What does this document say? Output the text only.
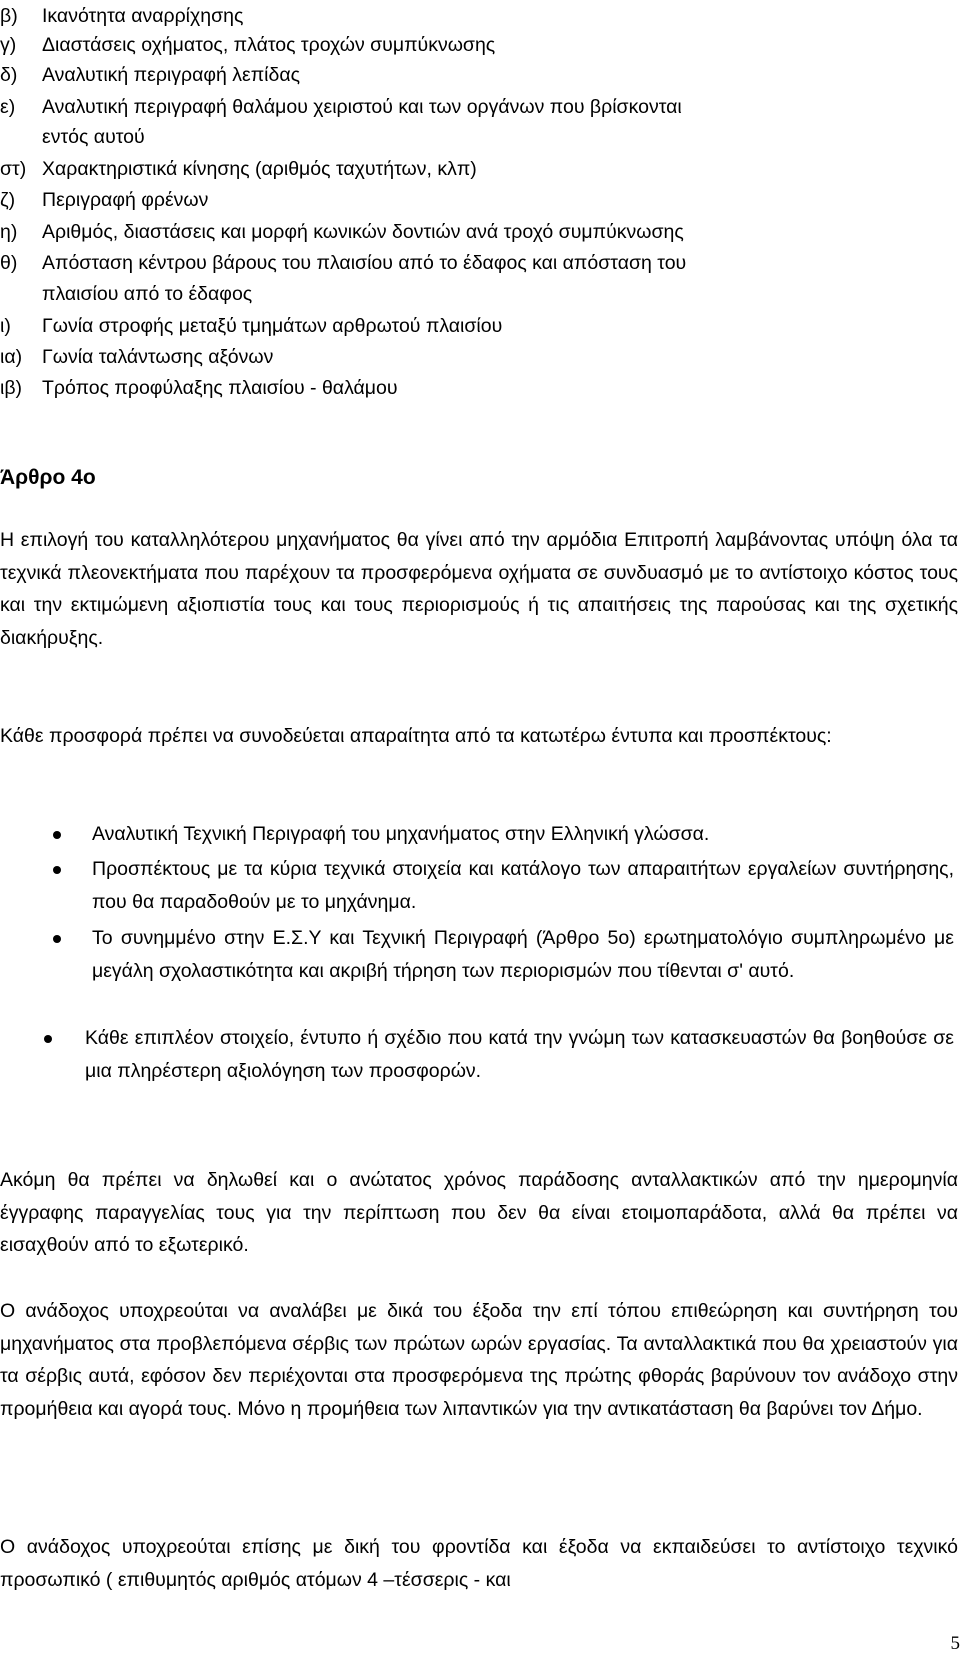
β) Ικανότητα αναρρίχησης
γ) Διαστάσεις οχήματος, πλάτος τροχών συμπύκνωσης
δ) Αναλυτική περιγραφή λεπίδας
ε) Αναλυτική περιγραφή θαλάμου χειριστού και των οργάνων που βρίσκονται
εντός αυτού
στ) Χαρακτηριστικά κίνησης (αριθμός ταχυτήτων, κλπ)
ζ) Περιγραφή φρένων
η) Αριθμός, διαστάσεις και μορφή κωνικών δοντιών ανά τροχό συμπύκνωσης
θ) Απόσταση κέντρου βάρους του πλαισίου από το έδαφος και απόσταση του
πλαισίου από το έδαφος
ι) Γωνία στροφής μεταξύ τμημάτων αρθρωτού πλαισίου
ια) Γωνία ταλάντωσης αξόνων
ιβ) Τρόπος προφύλαξης πλαισίου - θαλάμου
Άρθρο 4ο
Η επιλογή του καταλληλότερου μηχανήματος θα γίνει από την αρμόδια Επιτροπή λαμβάνοντας υπόψη όλα τα τεχνικά πλεονεκτήματα που παρέχουν τα προσφερόμενα οχήματα σε συνδυασμό με το αντίστοιχο κόστος τους και την εκτιμώμενη αξιοπιστία τους και τους περιορισμούς ή τις απαιτήσεις της παρούσας και της σχετικής διακήρυξης.
Κάθε προσφορά πρέπει να συνοδεύεται απαραίτητα από τα κατωτέρω έντυπα και προσπέκτους:
Αναλυτική Τεχνική Περιγραφή του μηχανήματος στην Ελληνική γλώσσα.
Προσπέκτους με τα κύρια τεχνικά στοιχεία και κατάλογο των απαραιτήτων εργαλείων συντήρησης, που θα παραδοθούν με το μηχάνημα.
Το συνημμένο στην Ε.Σ.Υ και Τεχνική Περιγραφή (Άρθρο 5ο) ερωτηματολόγιο συμπληρωμένο με μεγάλη σχολαστικότητα και ακριβή τήρηση των περιορισμών που τίθενται σ' αυτό.
Κάθε επιπλέον στοιχείο, έντυπο ή σχέδιο που κατά την γνώμη των κατασκευαστών θα βοηθούσε σε μια πληρέστερη αξιολόγηση των προσφορών.
Ακόμη θα πρέπει να δηλωθεί και ο ανώτατος χρόνος παράδοσης ανταλλακτικών από την ημερομηνία έγγραφης παραγγελίας τους για την περίπτωση που δεν θα είναι ετοιμοπαράδοτα, αλλά θα πρέπει να εισαχθούν από το εξωτερικό.
Ο ανάδοχος υποχρεούται να αναλάβει με δικά του έξοδα την επί τόπου επιθεώρηση και συντήρηση του μηχανήματος στα προβλεπόμενα σέρβις των πρώτων ωρών εργασίας. Τα ανταλλακτικά που θα χρειαστούν για τα σέρβις αυτά, εφόσον δεν περιέχονται στα προσφερόμενα της πρώτης φθοράς βαρύνουν τον ανάδοχο στην προμήθεια και αγορά τους. Μόνο η προμήθεια των λιπαντικών για την αντικατάσταση θα βαρύνει τον Δήμο.
Ο ανάδοχος υποχρεούται επίσης με δική του φροντίδα και έξοδα να εκπαιδεύσει το αντίστοιχο τεχνικό προσωπικό ( επιθυμητός αριθμός ατόμων 4 –τέσσερις - και
5
